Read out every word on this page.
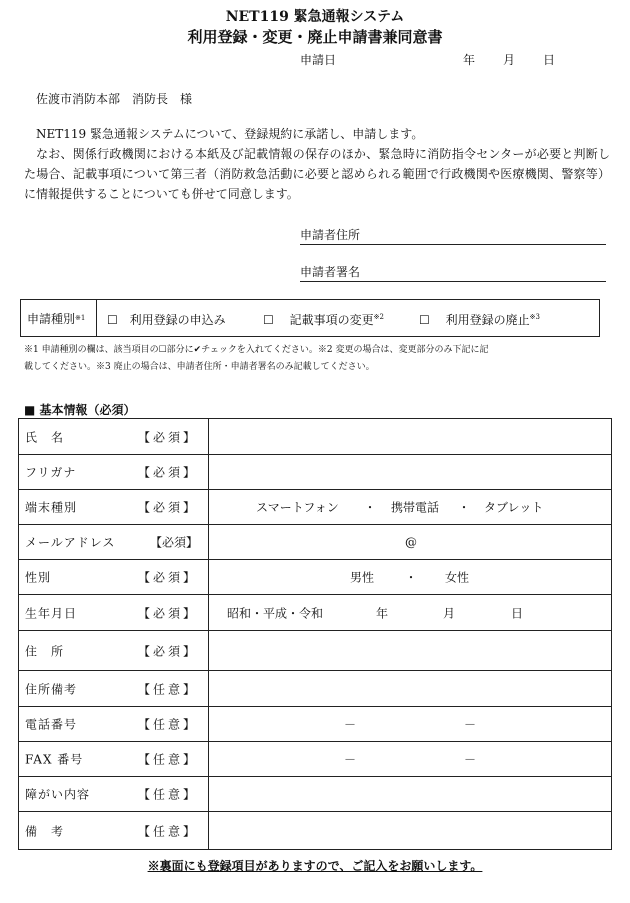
NET119 緊急通報システム
利用登録・変更・廃止申請書兼同意書
申請日	年 月 日
佐渡市消防本部　消防長　様
NET119 緊急通報システムについて、登録規約に承諾し、申請します。
なお、関係行政機関における本紙及び記載情報の保存のほか、緊急時に消防指令センターが必要と判断した場合、記載事項について第三者（消防救急活動に必要と認められる範囲で行政機関や医療機関、警察等）に情報提供することについても併せて同意します。
申請者住所
申請者署名
申請種別 ※1 ☐ 利用登録の申込み	☐ 記載事項の変更$^{※2}$	☐ 利用登録の廃止$^{※3}$
※1 申請種別の欄は、該当項目の☐部分に✔チェックを入れてください。※2 変更の場合は、変更部分のみ下記に記
載してください。※3 廃止の場合は、申請者住所・申請者署名のみ記載してください。
■ 基本情報（必須）
氏　名 【必須】	

フリガナ 【必須】	

端末種別 【必須】	スマートフォン ・ 携帯電話 ・ タブレット

メールアドレス 【必須】	@

性別 【必須】	男性 ・ 女性

生年月日 【必須】	昭和・平成・令和 年 月 日

住　所 【必須】	

住所備考 【任意】	

電話番号 【任意】	－ －

FAX 番号 【任意】	－ －

障がい内容 【任意】	

備　考 【任意】	

※裏面にも登録項目がありますので、ご記入をお願いします。
